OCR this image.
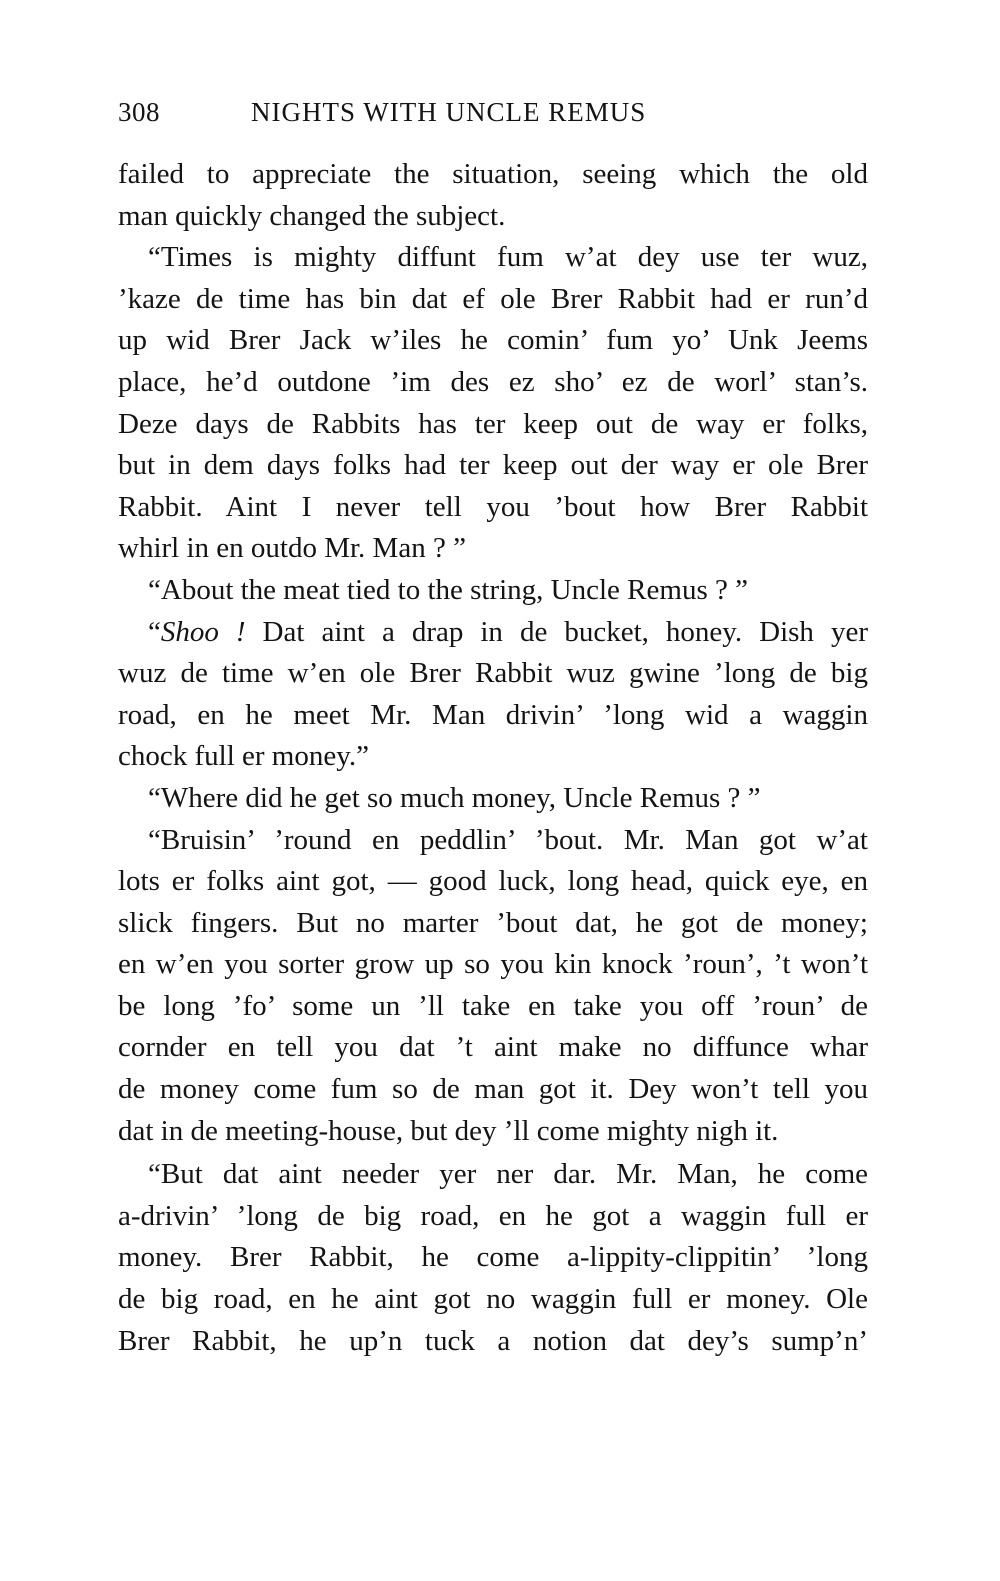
308	NIGHTS WITH UNCLE REMUS
failed to appreciate the situation, seeing which the old
man quickly changed the subject.
“Times is mighty diffunt fum w’at dey use ter wuz,
’kaze de time has bin dat ef ole Brer Rabbit had er run’d
up wid Brer Jack w’iles he comin’ fum yo’ Unk Jeems
place, he’d outdone ’im des ez sho’ ez de worl’ stan’s.
Deze days de Rabbits has ter keep out de way er folks,
but in dem days folks had ter keep out der way er ole Brer
Rabbit. Aint I never tell you ’bout how Brer Rabbit
whirl in en outdo Mr. Man ? ”
“About the meat tied to the string, Uncle Remus ? ”
“Shoo ! Dat aint a drap in de bucket, honey. Dish yer
wuz de time w’en ole Brer Rabbit wuz gwine ’long de big
road, en he meet Mr. Man drivin’ ’long wid a waggin
chock full er money.”
“Where did he get so much money, Uncle Remus ? ”
“Bruisin’ ’round en peddlin’ ’bout. Mr. Man got w’at
lots er folks aint got, — good luck, long head, quick eye, en
slick fingers. But no marter ’bout dat, he got de money;
en w’en you sorter grow up so you kin knock ’roun’, ’t won’t
be long ’fo’ some un ’ll take en take you off ’roun’ de
cornder en tell you dat ’t aint make no diffunce whar
de money come fum so de man got it. Dey won’t tell you
dat in de meeting-house, but dey ’ll come mighty nigh it.
“But dat aint needer yer ner dar. Mr. Man, he come
a-drivin’ ’long de big road, en he got a waggin full er
money. Brer Rabbit, he come a-lippity-clippitin’ ’long
de big road, en he aint got no waggin full er money. Ole
Brer Rabbit, he up’n tuck a notion dat dey’s sump’n’
